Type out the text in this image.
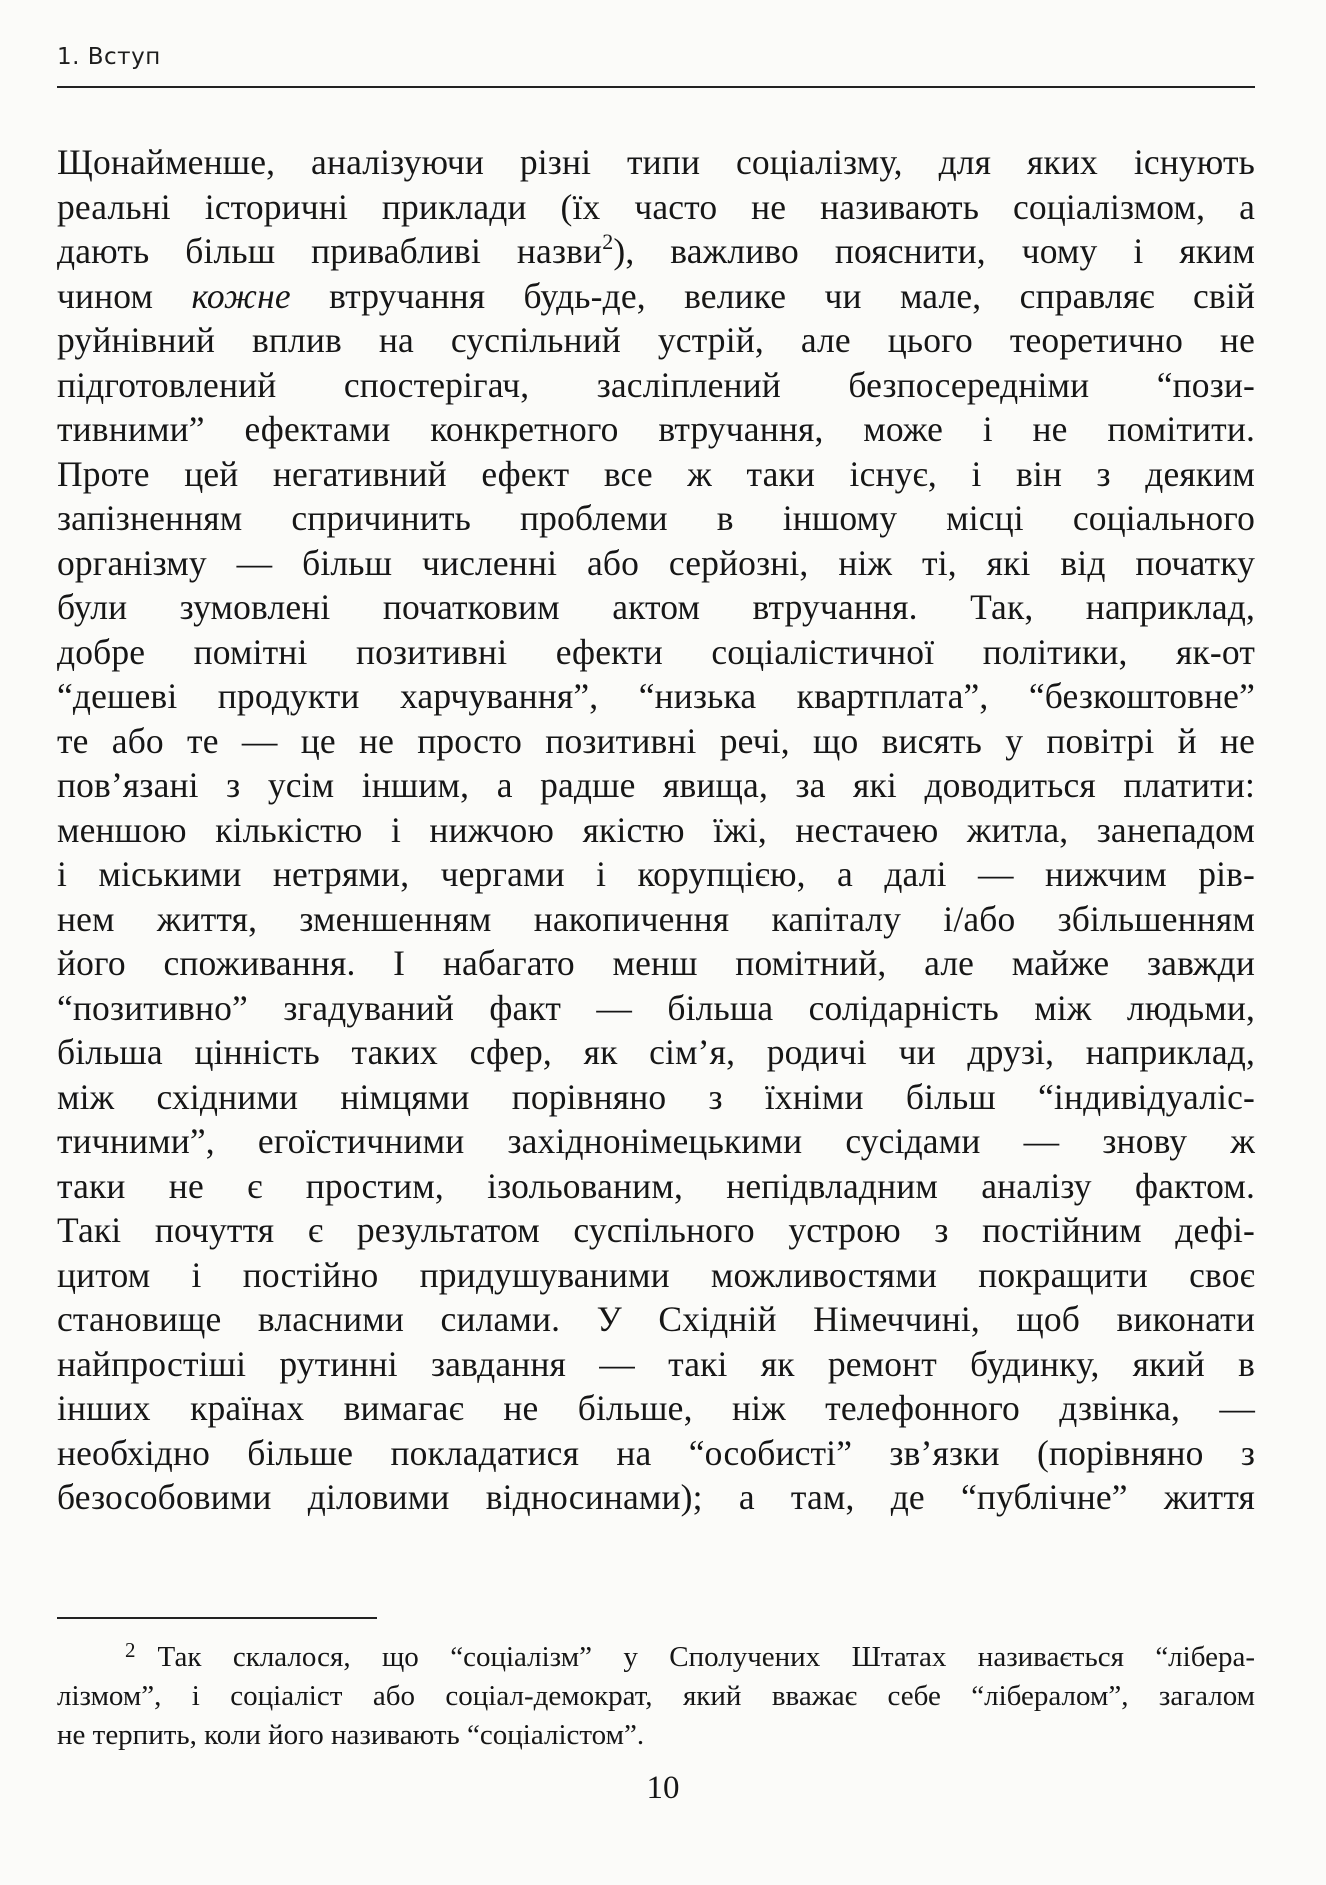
1. Вступ
Щонайменше, аналізуючи різні типи соціалізму, для яких існують
реальні історичні приклади (їх часто не називають соціалізмом, а
дають більш привабливі назви$^2$), важливо пояснити, чому і яким
чином кожне втручання будь-де, велике чи мале, справляє свій
руйнівний вплив на суспільний устрій, але цього теоретично не
підготовлений спостерігач, засліплений безпосередніми “пози-
тивними” ефектами конкретного втручання, може і не помітити.
Проте цей негативний ефект все ж таки існує, і він з деяким
запізненням спричинить проблеми в іншому місці соціального
організму — більш численні або серйозні, ніж ті, які від початку
були зумовлені початковим актом втручання. Так, наприклад,
добре помітні позитивні ефекти соціалістичної політики, як-от
“дешеві продукти харчування”, “низька квартплата”, “безкоштовне”
те або те — це не просто позитивні речі, що висять у повітрі й не
пов’язані з усім іншим, а радше явища, за які доводиться платити:
меншою кількістю і нижчою якістю їжі, нестачею житла, занепадом
і міськими нетрями, чергами і корупцією, а далі — нижчим рів-
нем життя, зменшенням накопичення капіталу і/або збільшенням
його споживання. І набагато менш помітний, але майже завжди
“позитивно” згадуваний факт — більша солідарність між людьми,
більша цінність таких сфер, як сім’я, родичі чи друзі, наприклад,
між східними німцями порівняно з їхніми більш “індивідуаліс-
тичними”, егоїстичними західнонімецькими сусідами — знову ж
таки не є простим, ізольованим, непідвладним аналізу фактом.
Такі почуття є результатом суспільного устрою з постійним дефі-
цитом і постійно придушуваними можливостями покращити своє
становище власними силами. У Східній Німеччині, щоб виконати
найпростіші рутинні завдання — такі як ремонт будинку, який в
інших країнах вимагає не більше, ніж телефонного дзвінка, —
необхідно більше покладатися на “особисті” зв’язки (порівняно з
безособовими діловими відносинами); а там, де “публічне” життя
$^2$ Так склалося, що “соціалізм” у Сполучених Штатах називається “лібера-
лізмом”, і соціаліст або соціал-демократ, який вважає себе “лібералом”, загалом
не терпить, коли його називають “соціалістом”.
10
